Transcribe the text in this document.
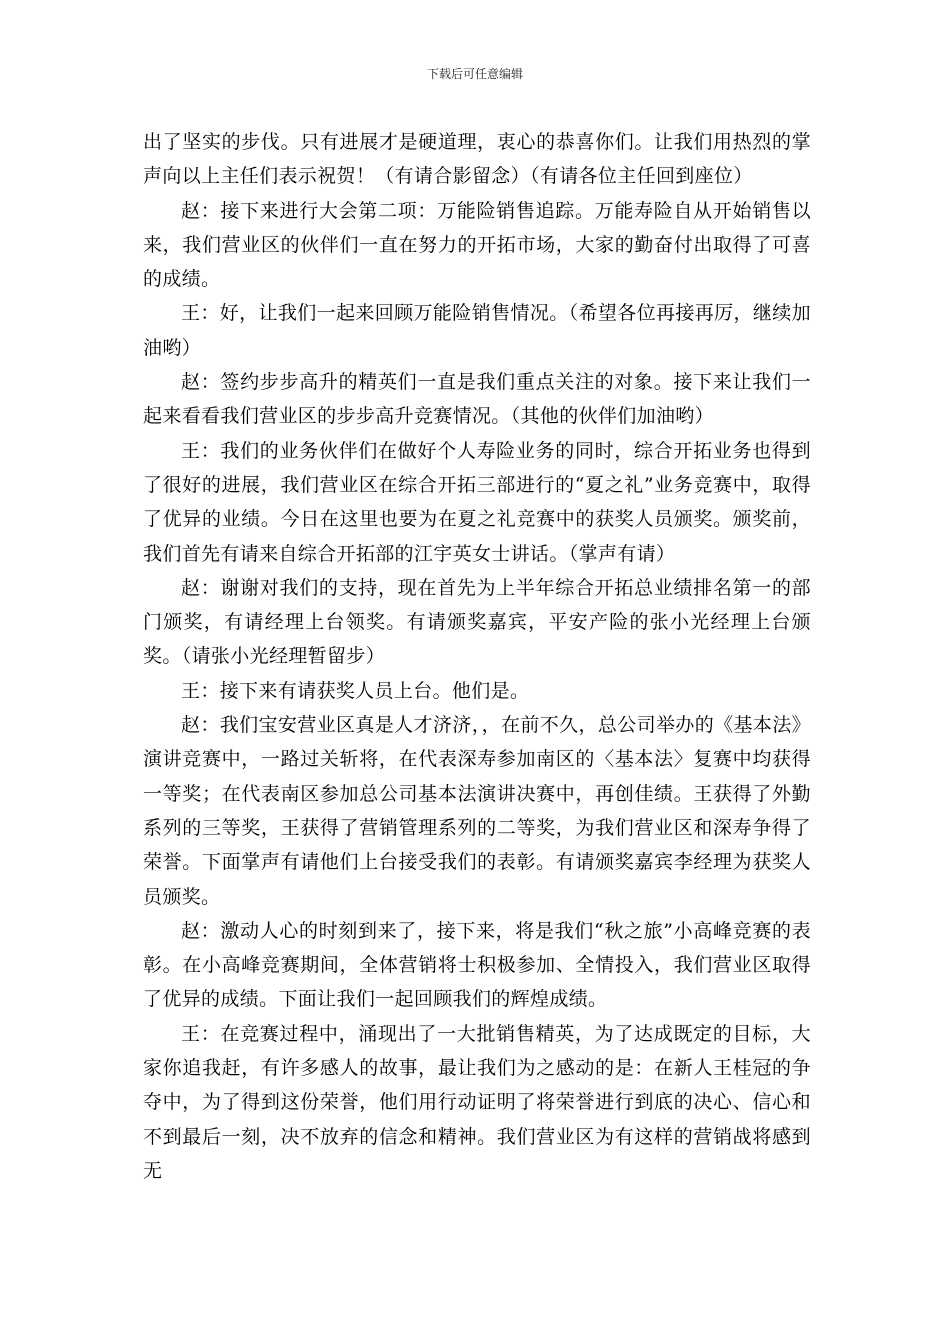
下载后可任意编辑

出了坚实的步伐。只有进展才是硬道理，衷心的恭喜你们。让我们用热烈的掌声向以上主任们表示祝贺！（有请合影留念）（有请各位主任回到座位）

赵：接下来进行大会第二项：万能险销售追踪。万能寿险自从开始销售以来，我们营业区的伙伴们一直在努力的开拓市场，大家的勤奋付出取得了可喜的成绩。

王：好，让我们一起来回顾万能险销售情况。（希望各位再接再厉，继续加油哟）

赵：签约步步高升的精英们一直是我们重点关注的对象。接下来让我们一起来看看我们营业区的步步高升竞赛情况。（其他的伙伴们加油哟）

王：我们的业务伙伴们在做好个人寿险业务的同时，综合开拓业务也得到了很好的进展，我们营业区在综合开拓三部进行的“夏之礼”业务竞赛中，取得了优异的业绩。今日在这里也要为在夏之礼竞赛中的获奖人员颁奖。颁奖前，我们首先有请来自综合开拓部的江宇英女士讲话。（掌声有请）

赵：谢谢对我们的支持，现在首先为上半年综合开拓总业绩排名第一的部门颁奖，有请经理上台领奖。有请颁奖嘉宾，平安产险的张小光经理上台颁奖。（请张小光经理暂留步）

王：接下来有请获奖人员上台。他们是。

赵：我们宝安营业区真是人才济济，，在前不久，总公司举办的《基本法》演讲竞赛中，一路过关斩将，在代表深寿参加南区的〈基本法〉复赛中均获得一等奖；在代表南区参加总公司基本法演讲决赛中，再创佳绩。王获得了外勤系列的三等奖，王获得了营销管理系列的二等奖，为我们营业区和深寿争得了荣誉。下面掌声有请他们上台接受我们的表彰。有请颁奖嘉宾李经理为获奖人员颁奖。

赵：激动人心的时刻到来了，接下来，将是我们“秋之旅”小高峰竞赛的表彰。在小高峰竞赛期间，全体营销将士积极参加、全情投入，我们营业区取得了优异的成绩。下面让我们一起回顾我们的辉煌成绩。

王：在竞赛过程中，涌现出了一大批销售精英，为了达成既定的目标，大家你追我赶，有许多感人的故事，最让我们为之感动的是：在新人王桂冠的争夺中，为了得到这份荣誉，他们用行动证明了将荣誉进行到底的决心、信心和不到最后一刻，决不放弃的信念和精神。我们营业区为有这样的营销战将感到无
